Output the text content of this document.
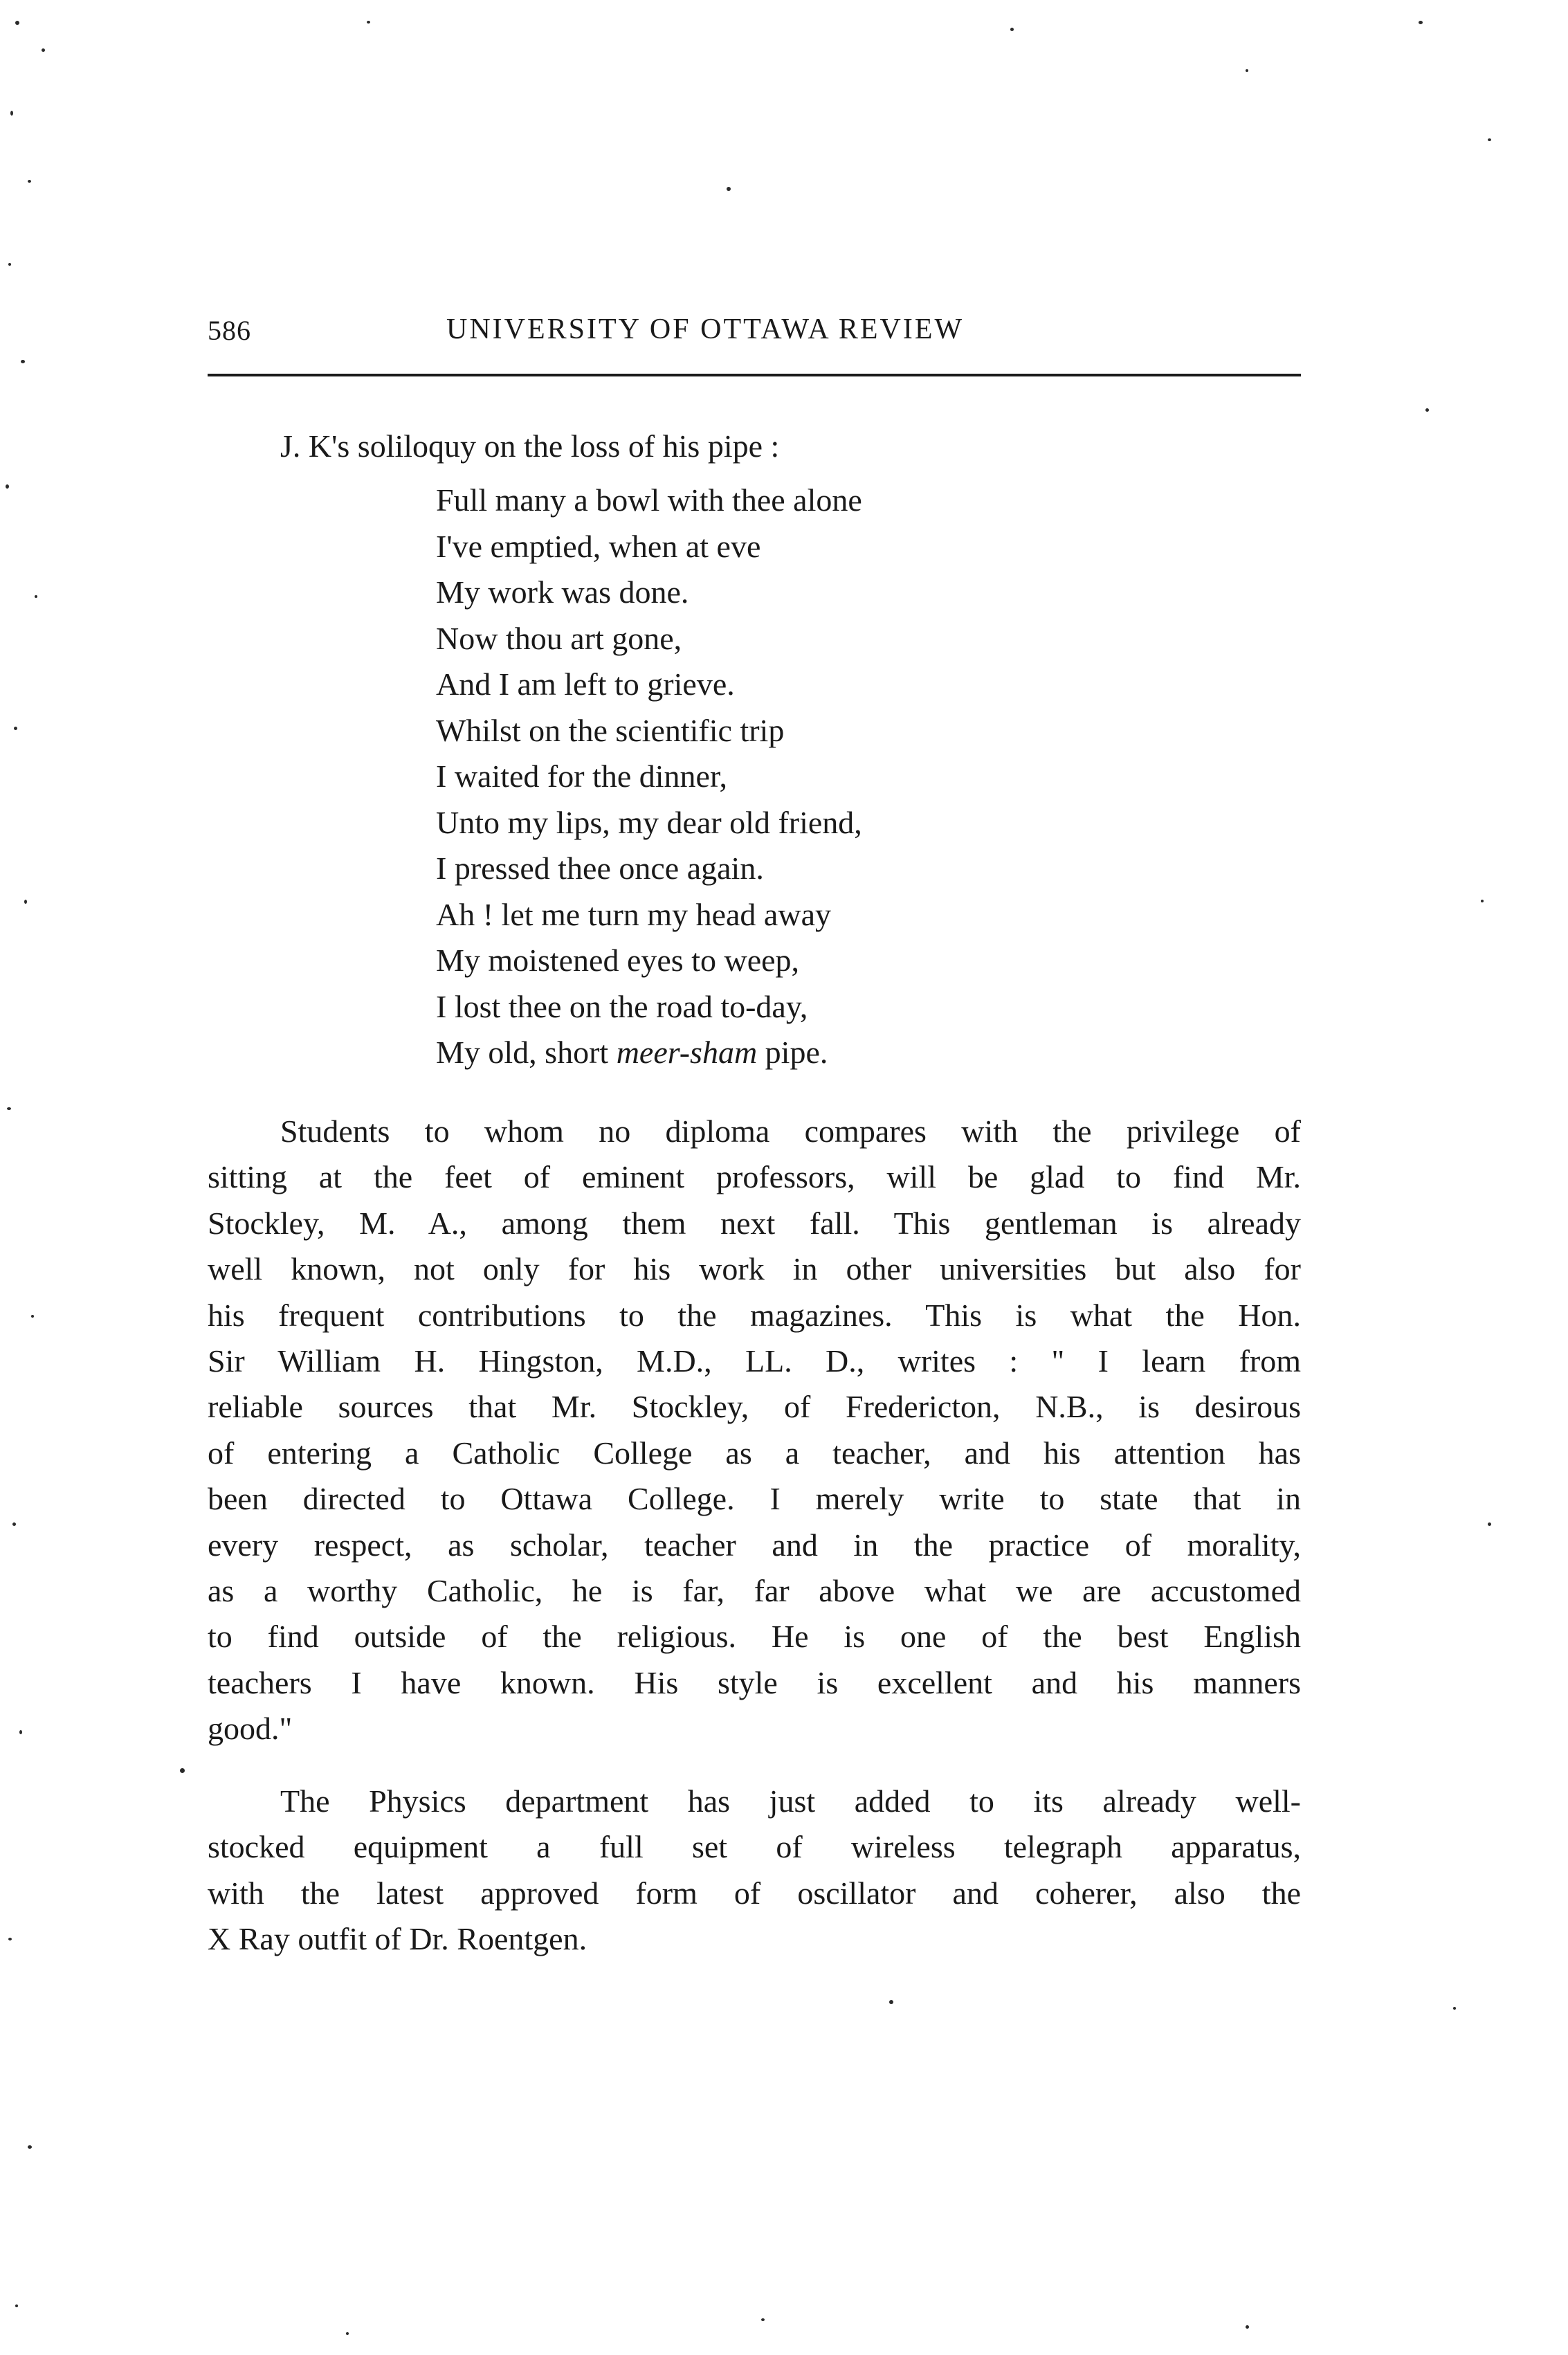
586	UNIVERSITY OF OTTAWA REVIEW
J. K's soliloquy on the loss of his pipe :
Full many a bowl with thee alone
I've emptied, when at eve
My work was done.
Now thou art gone,
And I am left to grieve.
Whilst on the scientific trip
I waited for the dinner,
Unto my lips, my dear old friend,
I pressed thee once again.
Ah ! let me turn my head away
My moistened eyes to weep,
I lost thee on the road to-day,
My old, short meer-sham pipe.
Students to whom no diploma compares with the privilege of
sitting at the feet of eminent professors, will be glad to find Mr.
Stockley, M. A., among them next fall. This gentleman is already
well known, not only for his work in other universities but also for
his frequent contributions to the magazines. This is what the Hon.
Sir William H. Hingston, M.D., LL. D., writes : " I learn from
reliable sources that Mr. Stockley, of Fredericton, N.B., is desirous
of entering a Catholic College as a teacher, and his attention has
been directed to Ottawa College. I merely write to state that in
every respect, as scholar, teacher and in the practice of morality,
as a worthy Catholic, he is far, far above what we are accustomed
to find outside of the religious. He is one of the best English
teachers I have known. His style is excellent and his manners
good."
The Physics department has just added to its already well-
stocked equipment a full set of wireless telegraph apparatus,
with the latest approved form of oscillator and coherer, also the
X Ray outfit of Dr. Roentgen.
